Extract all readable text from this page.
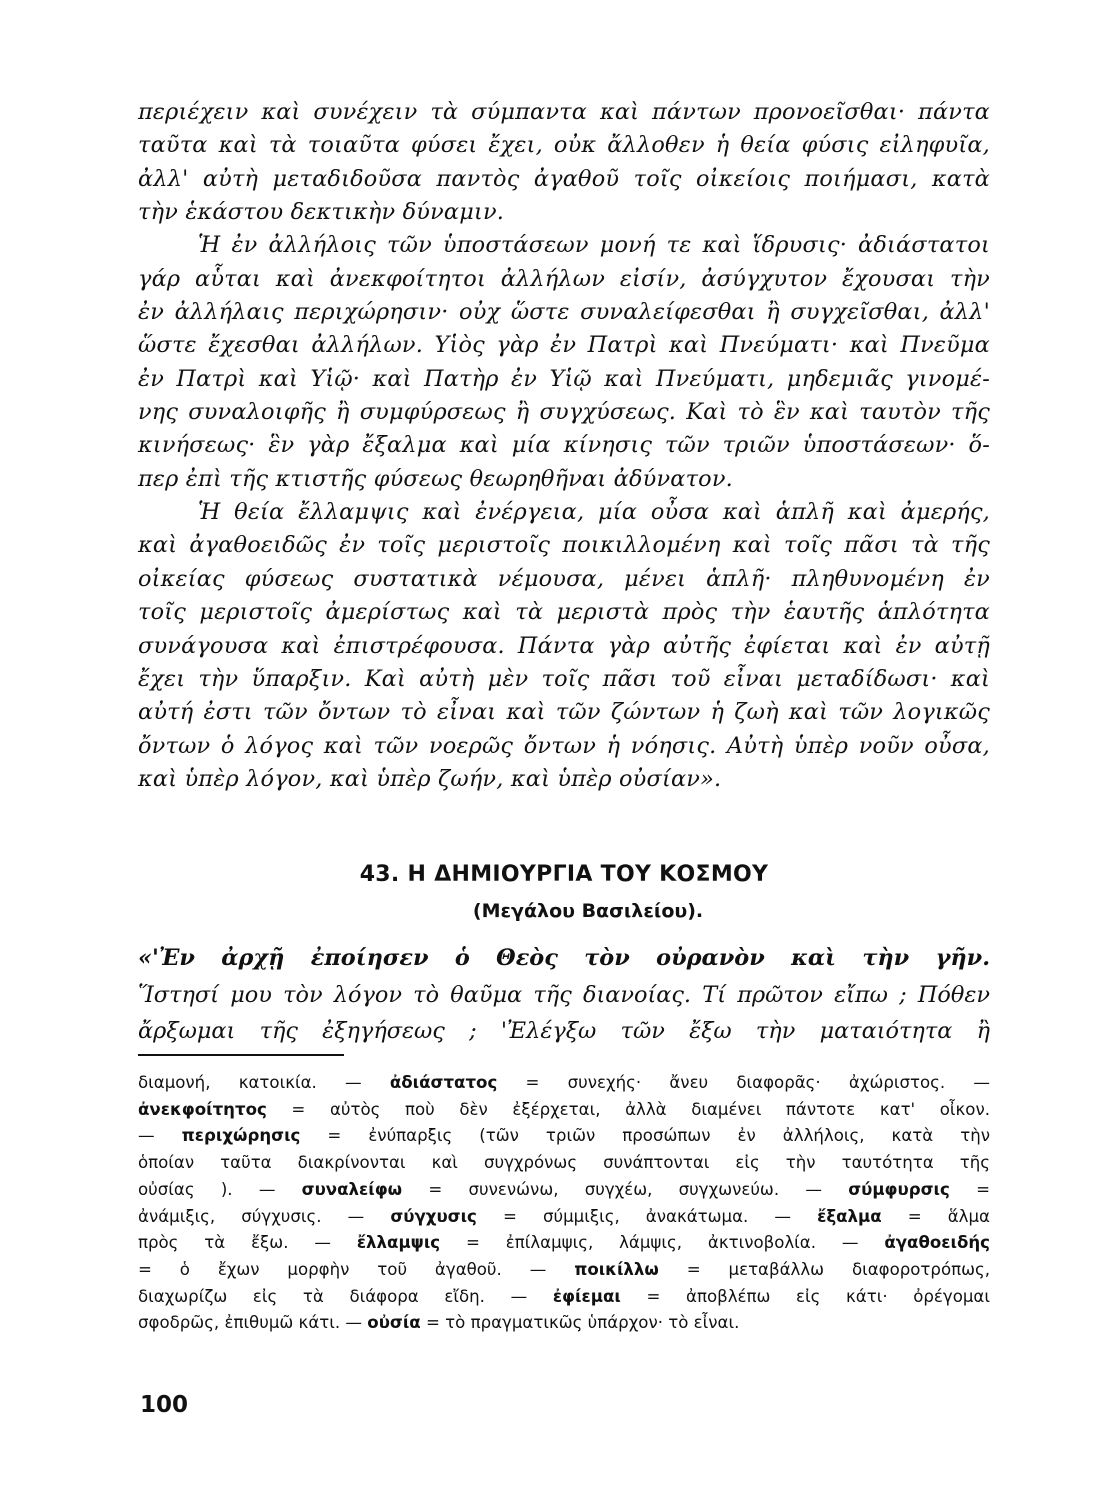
περιέχειν καὶ συνέχειν τὰ σύμπαντα καὶ πάντων προνοεῖσθαι· πάντα
ταῦτα καὶ τὰ τοιαῦτα φύσει ἔχει, οὐκ ἄλλοθεν ἡ θεία φύσις εἰληφυῖα,
ἀλλ' αὐτὴ μεταδιδοῦσα παντὸς ἀγαθοῦ τοῖς οἰκείοις ποιήμασι, κατὰ
τὴν ἑκάστου δεκτικὴν δύναμιν.
Ἡ ἐν ἀλλήλοις τῶν ὑποστάσεων μονή τε καὶ ἵδρυσις· ἀδιάστατοι
γάρ αὗται καὶ ἀνεκφοίτητοι ἀλλήλων εἰσίν, ἀσύγχυτον ἔχουσαι τὴν
ἐν ἀλλήλαις περιχώρησιν· οὐχ ὥστε συναλείφεσθαι ἢ συγχεῖσθαι, ἀλλ'
ὥστε ἔχεσθαι ἀλλήλων. Υἱὸς γὰρ ἐν Πατρὶ καὶ Πνεύματι· καὶ Πνεῦμα
ἐν Πατρὶ καὶ Υἱῷ· καὶ Πατὴρ ἐν Υἱῷ καὶ Πνεύματι, μηδεμιᾶς γινομέ-
νης συναλοιφῆς ἢ συμφύρσεως ἢ συγχύσεως. Καὶ τὸ ἓν καὶ ταυτὸν τῆς
κινήσεως· ἓν γὰρ ἔξαλμα καὶ μία κίνησις τῶν τριῶν ὑποστάσεων· ὅ-
περ ἐπὶ τῆς κτιστῆς φύσεως θεωρηθῆναι ἀδύνατον.
Ἡ θεία ἔλλαμψις καὶ ἐνέργεια, μία οὖσα καὶ ἁπλῆ καὶ ἀμερής,
καὶ ἀγαθοειδῶς ἐν τοῖς μεριστοῖς ποικιλλομένη καὶ τοῖς πᾶσι τὰ τῆς
οἰκείας φύσεως συστατικὰ νέμουσα, μένει ἁπλῆ· πληθυνομένη ἐν
τοῖς μεριστοῖς ἀμερίστως καὶ τὰ μεριστὰ πρὸς τὴν ἑαυτῆς ἁπλότητα
συνάγουσα καὶ ἐπιστρέφουσα. Πάντα γὰρ αὐτῆς ἐφίεται καὶ ἐν αὐτῇ
ἔχει τὴν ὕπαρξιν. Καὶ αὐτὴ μὲν τοῖς πᾶσι τοῦ εἶναι μεταδίδωσι· καὶ
αὐτή ἐστι τῶν ὄντων τὸ εἶναι καὶ τῶν ζώντων ἡ ζωὴ καὶ τῶν λογικῶς
ὄντων ὁ λόγος καὶ τῶν νοερῶς ὄντων ἡ νόησις. Αὐτὴ ὑπὲρ νοῦν οὖσα,
καὶ ὑπὲρ λόγον, καὶ ὑπὲρ ζωήν, καὶ ὑπὲρ οὐσίαν».
43. Η ΔΗΜΙΟΥΡΓΙΑ ΤΟΥ ΚΟΣΜΟΥ
(Μεγάλου Βασιλείου).
«'Ἐν ἀρχῇ ἐποίησεν ὁ Θεὸς τὸν οὐρανὸν καὶ τὴν γῆν.
Ἵστησί μου τὸν λόγον τὸ θαῦμα τῆς διανοίας. Τί πρῶτον εἴπω ; Πόθεν
ἄρξωμαι τῆς ἐξηγήσεως ; 'Ἐλέγξω τῶν ἔξω τὴν ματαιότητα ἢ
διαμονή, κατοικία. — ἀδιάστατος = συνεχής· ἄνευ διαφορᾶς· ἀχώριστος. —
ἀνεκφοίτητος = αὐτὸς ποὺ δὲν ἐξέρχεται, ἀλλὰ διαμένει πάντοτε κατ' οἶκον.
— περιχώρησις = ἐνύπαρξις (τῶν τριῶν προσώπων ἐν ἀλλήλοις, κατὰ τὴν
ὁποίαν ταῦτα διακρίνονται καὶ συγχρόνως συνάπτονται εἰς τὴν ταυτότητα τῆς
οὐσίας ). — συναλείφω = συνενώνω, συγχέω, συγχωνεύω. — σύμφυρσις =
ἀνάμιξις, σύγχυσις. — σύγχυσις = σύμμιξις, ἀνακάτωμα. — ἔξαλμα = ἅλμα
πρὸς τὰ ἔξω. — ἔλλαμψις = ἐπίλαμψις, λάμψις, ἀκτινοβολία. — ἀγαθοειδής
= ὁ ἔχων μορφὴν τοῦ ἀγαθοῦ. — ποικίλλω = μεταβάλλω διαφοροτρόπως,
διαχωρίζω εἰς τὰ διάφορα εἴδη. — ἐφίεμαι = ἀποβλέπω εἰς κάτι· ὀρέγομαι
σφοδρῶς, ἐπιθυμῶ κάτι. — οὐσία = τὸ πραγματικῶς ὑπάρχον· τὸ εἶναι.
100
